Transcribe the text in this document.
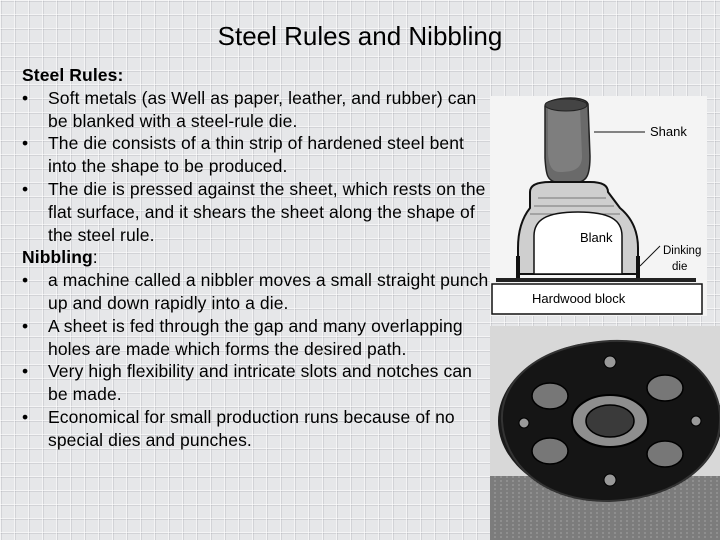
Steel Rules and Nibbling

Steel Rules:

• Soft metals (as Well as paper, leather, and rubber) can be blanked with a steel-rule die.

• The die consists of a thin strip of hardened steel bent into the shape to be produced.

• The die is pressed against the sheet, which rests on the flat surface, and it shears the sheet along the shape of the steel rule.

Nibbling:

• a machine called a nibbler moves a small straight punch up and down rapidly into a die.

• A sheet is fed through the gap and many overlapping holes are made which forms the desired path.

• Very high flexibility and intricate slots and notches can be made.

• Economical for small production runs because of no special dies and punches.

Shank
Blank
Dinking
die
Hardwood block
